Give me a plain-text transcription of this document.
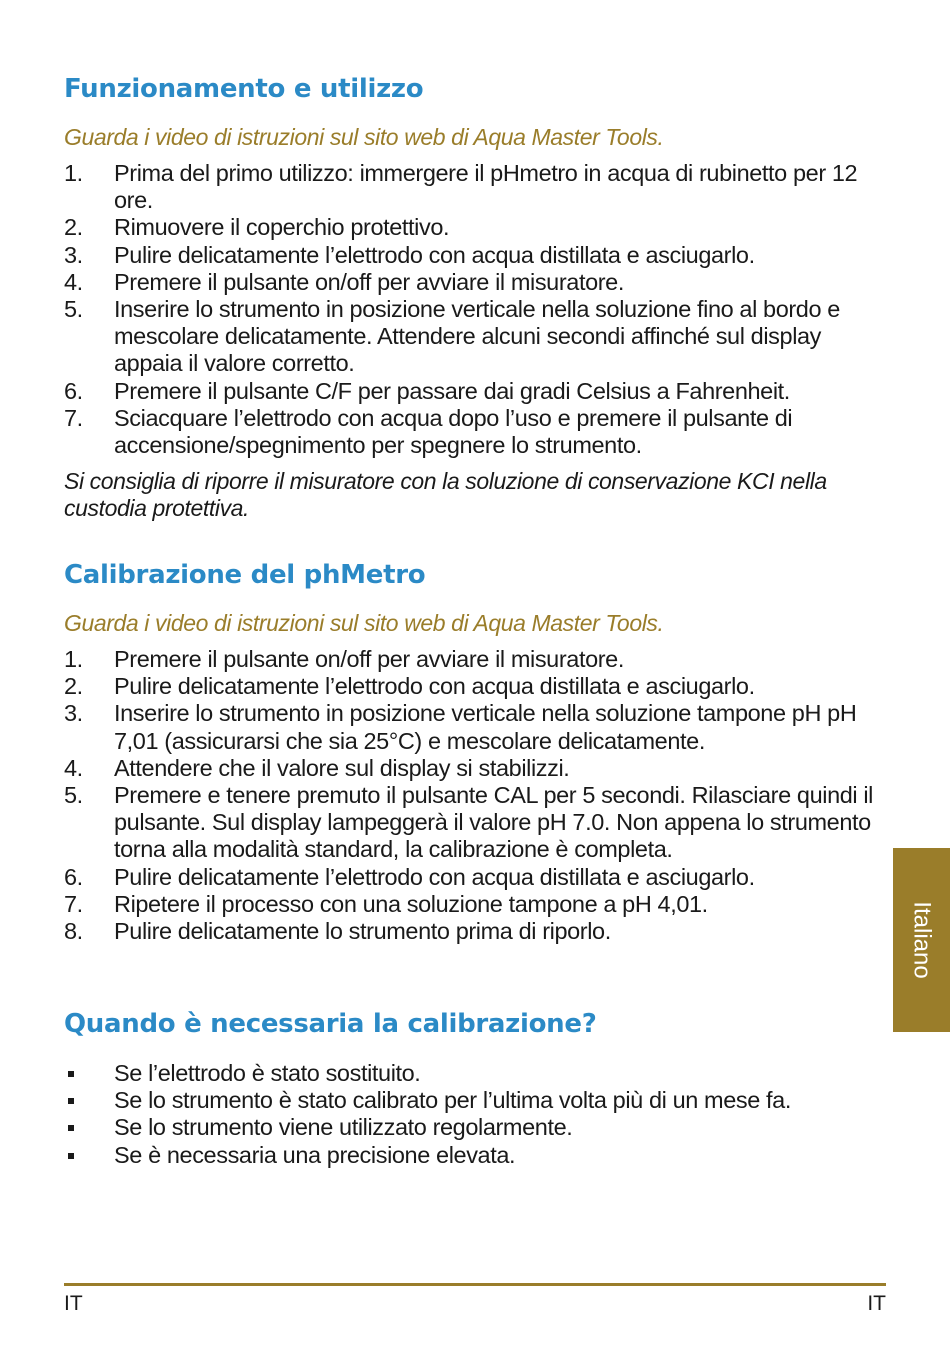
Funzionamento e utilizzo

Guarda i video di istruzioni sul sito web di Aqua Master Tools.

1.	Prima del primo utilizzo: immergere il pHmetro in acqua di rubinetto per 12 ore.
2.	Rimuovere il coperchio protettivo.
3.	Pulire delicatamente l’elettrodo con acqua distillata e asciugarlo.
4.	Premere il pulsante on/off per avviare il misuratore.
5.	Inserire lo strumento in posizione verticale nella soluzione fino al bordo e mescolare delicatamente. Attendere alcuni secondi affinché sul display appaia il valore corretto.
6.	Premere il pulsante C/F per passare dai gradi Celsius a Fahrenheit.
7.	Sciacquare l’elettrodo con acqua dopo l’uso e premere il pulsante di accensione/spegnimento per spegnere lo strumento.

Si consiglia di riporre il misuratore con la soluzione di conservazione KCI nella custodia protettiva.

Calibrazione del phMetro

Guarda i video di istruzioni sul sito web di Aqua Master Tools.

1.	Premere il pulsante on/off per avviare il misuratore.
2.	Pulire delicatamente l’elettrodo con acqua distillata e asciugarlo.
3.	Inserire lo strumento in posizione verticale nella soluzione tampone pH pH 7,01 (assicurarsi che sia 25°C) e mescolare delicatamente.
4.	Attendere che il valore sul display si stabilizzi.
5.	Premere e tenere premuto il pulsante CAL per 5 secondi. Rilasciare quindi il pulsante. Sul display lampeggerà il valore pH 7.0. Non appena lo strumento torna alla modalità standard, la calibrazione è completa.
6.	Pulire delicatamente l’elettrodo con acqua distillata e asciugarlo.
7.	Ripetere il processo con una soluzione tampone a pH 4,01.
8.	Pulire delicatamente lo strumento prima di riporlo.
Quando è necessaria la calibrazione?
Se l’elettrodo è stato sostituito.
Se lo strumento è stato calibrato per l’ultima volta più di un mese fa.
Se lo strumento viene utilizzato regolarmente.
Se è necessaria una precisione elevata.
Italiano
IT	IT
